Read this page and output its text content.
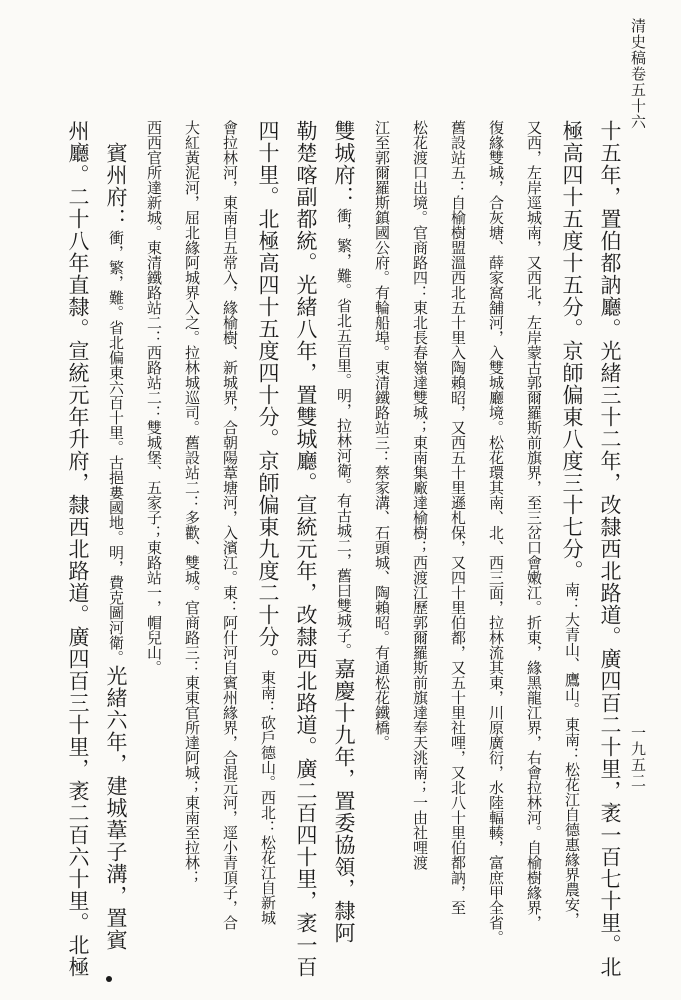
清史稿卷五十六
一九五二
十五年，置伯都訥廳。光緒三十二年，改隸西北路道。廣四百二十里，袤一百七十里。北
極高四十五度十五分。京師偏東八度三十七分。南：大青山、鷹山。東南：松花江自德惠緣界農安，
又西，左岸逕城南，又西北，左岸蒙古郭爾羅斯前旗界，至三岔口會嫩江。折東，緣黑龍江界，右會拉林河。自榆樹緣界，
復緣雙城，合灰塘、薛家窩舖河，入雙城廳境。松花環其南、北、西三面，拉林流其東，川原廣衍，水陸輻輳，富庶甲全省。
舊設站五：自榆樹盟溫西北五十里入陶賴昭，又西五十里遜札保，又四十里伯都，又五十里社哩，又北八十里伯都訥，至
松花渡口出境。官商路四：東北長春嶺達雙城；東南集廠達榆樹；西渡江歷郭爾羅斯前旗達奉天洮南；一由社哩渡
江至郭爾羅斯鎮國公府。有輪船埠。東清鐵路站三：蔡家溝、石頭城、陶賴昭。有通松花鐵橋。
雙城府：衝，繁，難。省北五百里。明，拉林河衛。有古城二，舊曰雙城子。嘉慶十九年，置委協領，隸阿
勒楚喀副都統。光緒八年，置雙城廳。宣統元年，改隸西北路道。廣二百四十里，袤一百
四十里。北極高四十五度四十分。京師偏東九度二十分。東南：砍戶德山。西北：松花江自新城
會拉林河，東南自五常入，緣榆樹、新城界，合朝陽葦塘河，入濱江。東：阿什河自賓州緣界，合混元河，逕小青頂子，合
大紅黃泥河，屈北緣阿城界入之。拉林城巡司。舊設站二：多歡、雙城。官商路三：東東官所達阿城；東南至拉林；
西西官所達新城。東清鐵路站二：西路站二：雙城堡、五家子；東路站一，帽兒山。
　賓州府：衝，繁，難。省北偏東六百十里。古挹婁國地。明，費克圖河衛。光緒六年，建城葦子溝，置賓
州廳。二十八年直隸。宣統元年升府，隸西北路道。廣四百三十里，袤二百六十里。北極
